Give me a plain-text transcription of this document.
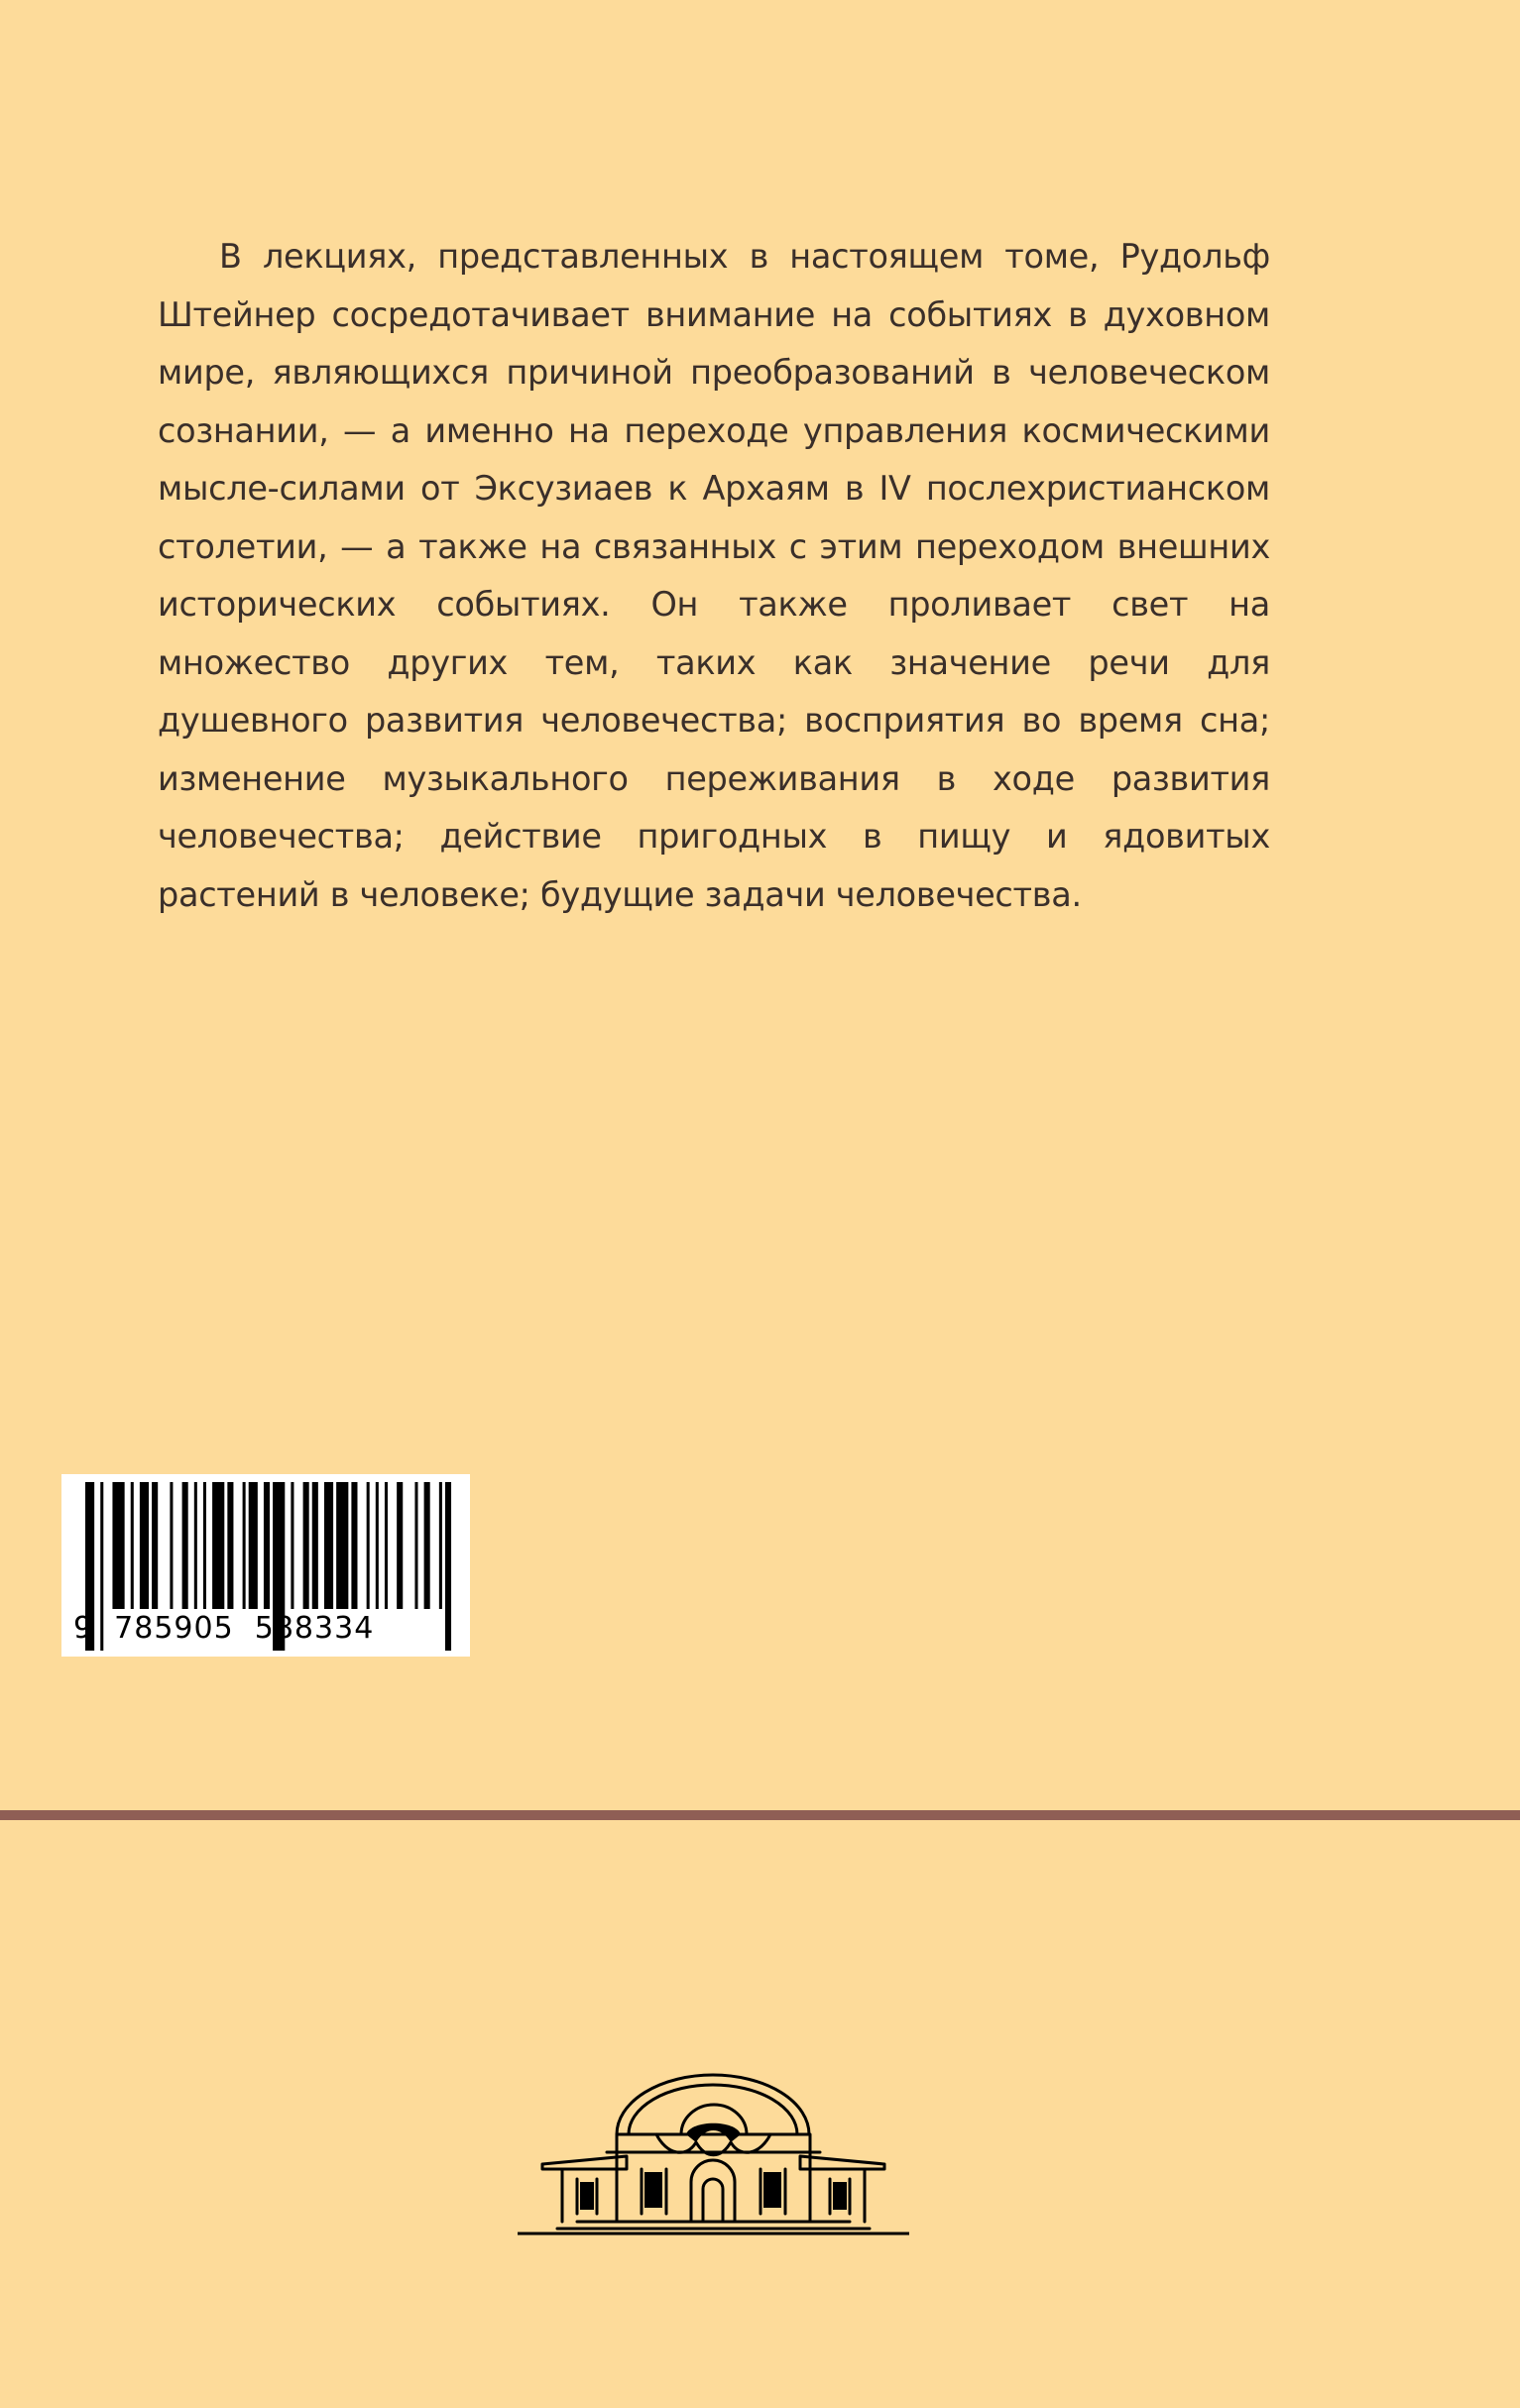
В лекциях, представленных в настоящем томе, Рудольф Штейнер сосредотачивает внимание на событиях в духовном мире, являющихся причиной преобразований в человеческом сознании, — а именно на переходе управления космическими мысле-силами от Эксузиаев к Архаям в IV послехристианском столетии, — а также на связанных с этим переходом внешних исторических событиях. Он также проливает свет на множество других тем, таких как значение речи для душевного развития человечества; восприятия во время сна; изменение музыкального переживания в ходе развития человечества; действие пригодных в пищу и ядовитых растений в человеке; будущие задачи человечества.

9  785905  588334
